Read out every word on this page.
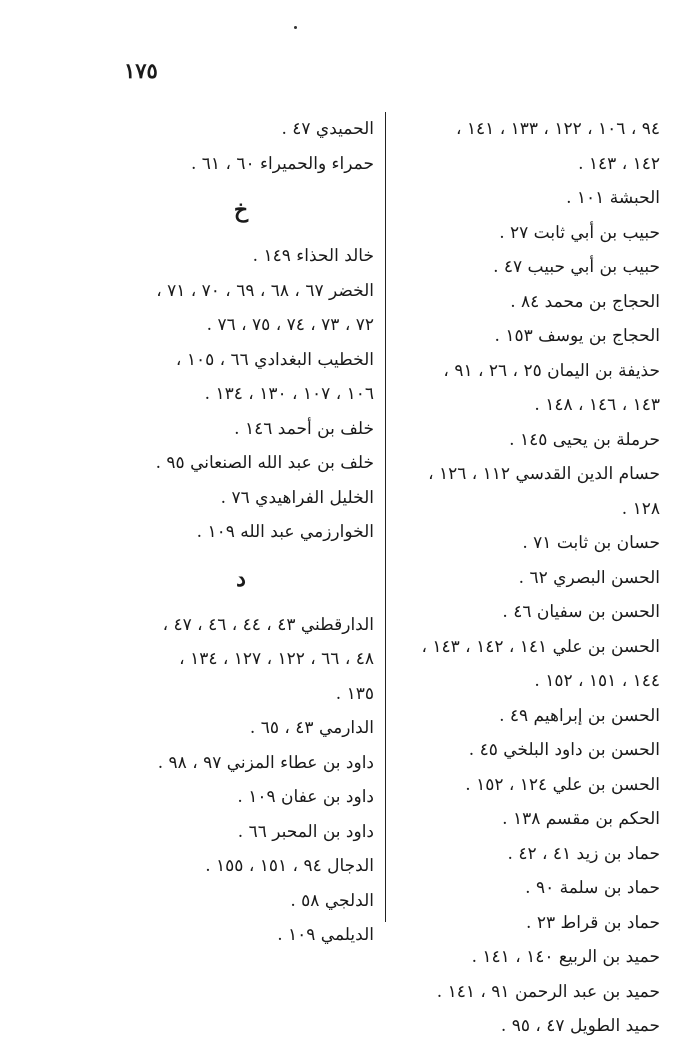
١٧٥
٩٤ ، ١٠٦ ، ١٢٢ ، ١٣٣ ، ١٤١ ،
١٤٢ ، ١٤٣ .
الحبشة ١٠١ .
حبيب بن أبي ثابت ٢٧ .
حبيب بن أبي حبيب ٤٧ .
الحجاج بن محمد ٨٤ .
الحجاج بن يوسف ١٥٣ .
حذيفة بن اليمان ٢٥ ، ٢٦ ، ٩١ ،
١٤٣ ، ١٤٦ ، ١٤٨ .
حرملة بن يحيى ١٤٥ .
حسام الدين القدسي ١١٢ ، ١٢٦ ،
١٢٨ .
حسان بن ثابت ٧١ .
الحسن البصري ٦٢ .
الحسن بن سفيان ٤٦ .
الحسن بن علي ١٤١ ، ١٤٢ ، ١٤٣ ،
١٤٤ ، ١٥١ ، ١٥٢ .
الحسن بن إبراهيم ٤٩ .
الحسن بن داود البلخي ٤٥ .
الحسن بن علي ١٢٤ ، ١٥٢ .
الحكم بن مقسم ١٣٨ .
حماد بن زيد ٤١ ، ٤٢ .
حماد بن سلمة ٩٠ .
حماد بن قراط ٢٣ .
حميد بن الربيع ١٤٠ ، ١٤١ .
حميد بن عبد الرحمن ٩١ ، ١٤١ .
حميد الطويل ٤٧ ، ٩٥ .
الحميدي ٤٧ .
حمراء والحميراء ٦٠ ، ٦١ .
خ
خالد الحذاء ١٤٩ .
الخضر ٦٧ ، ٦٨ ، ٦٩ ، ٧٠ ، ٧١ ،
٧٢ ، ٧٣ ، ٧٤ ، ٧٥ ، ٧٦ .
الخطيب البغدادي ٦٦ ، ١٠٥ ،
١٠٦ ، ١٠٧ ، ١٣٠ ، ١٣٤ .
خلف بن أحمد ١٤٦ .
خلف بن عبد الله الصنعاني ٩٥ .
الخليل الفراهيدي ٧٦ .
الخوارزمي عبد الله ١٠٩ .
د
الدارقطني ٤٣ ، ٤٤ ، ٤٦ ، ٤٧ ،
٤٨ ، ٦٦ ، ١٢٢ ، ١٢٧ ، ١٣٤ ،
١٣٥ .
الدارمي ٤٣ ، ٦٥ .
داود بن عطاء المزني ٩٧ ، ٩٨ .
داود بن عفان ١٠٩ .
داود بن المحبر ٦٦ .
الدجال ٩٤ ، ١٥١ ، ١٥٥ .
الدلجي ٥٨ .
الديلمي ١٠٩ .
